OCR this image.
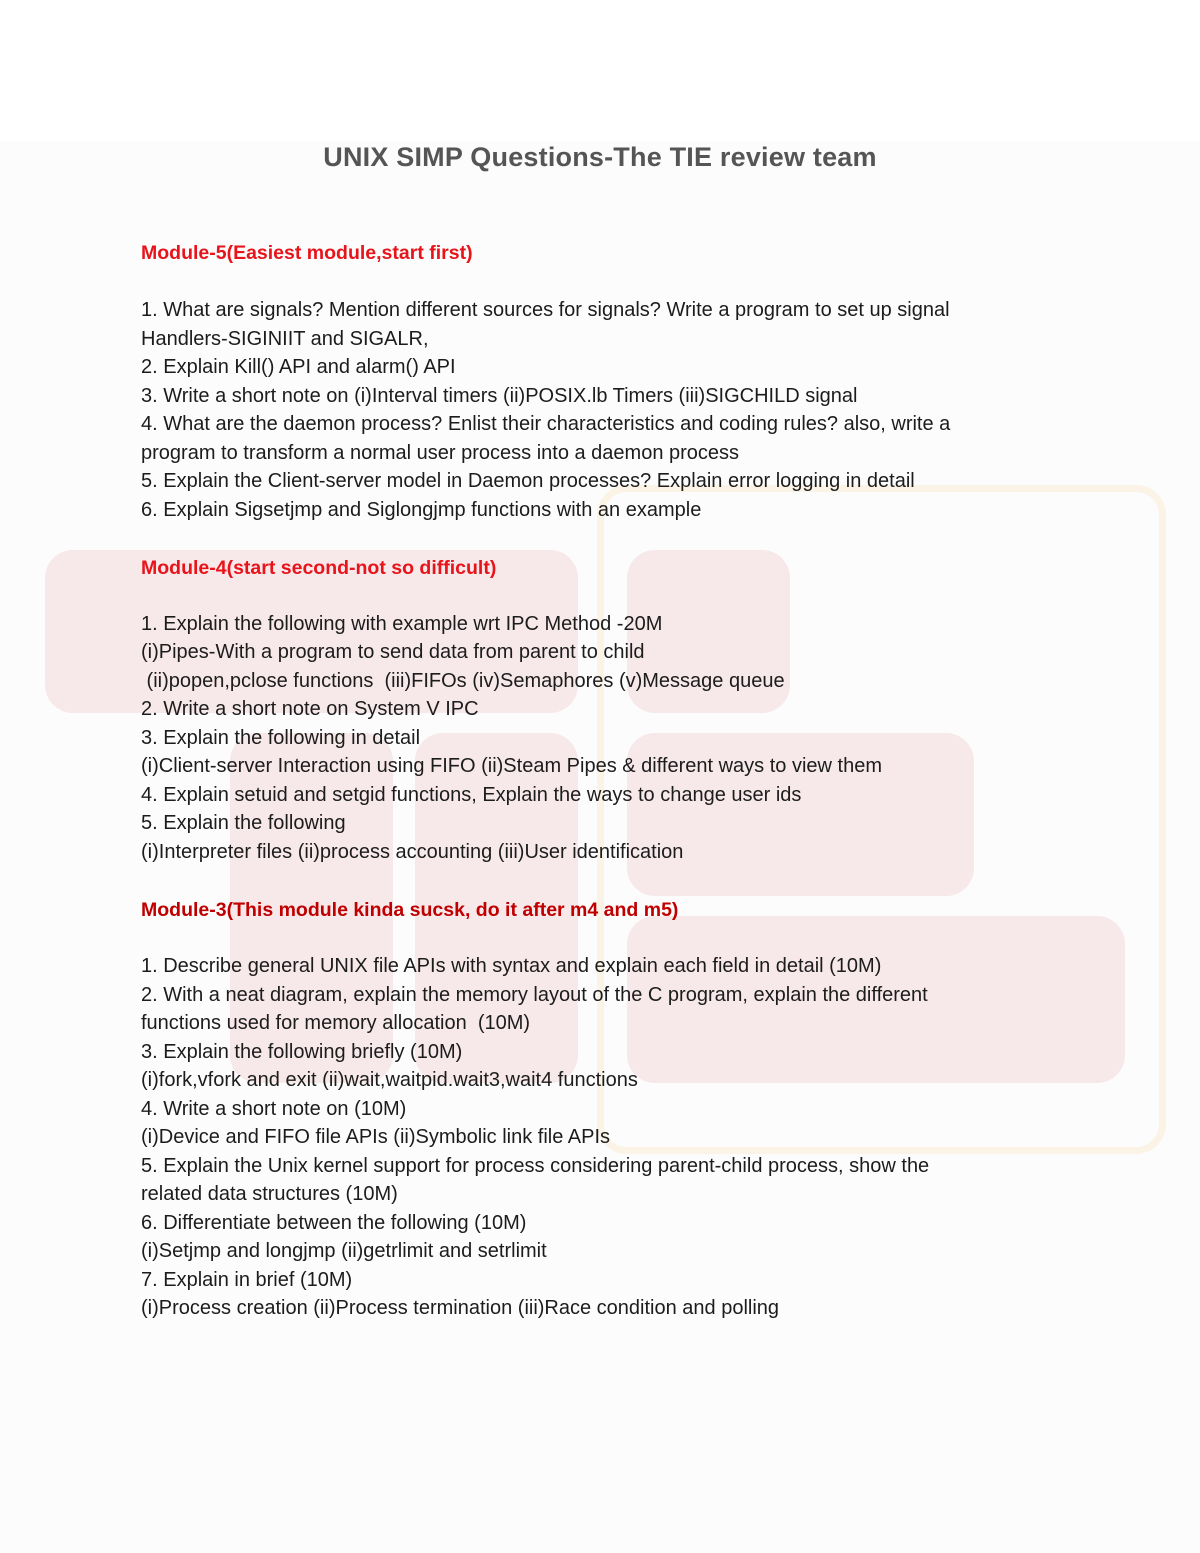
UNIX SIMP Questions-The TIE review team
Module-5(Easiest module,start first)
1. What are signals? Mention different sources for signals? Write a program to set up signal
Handlers-SIGINIIT and SIGALR,
2. Explain Kill() API and alarm() API
3. Write a short note on (i)Interval timers (ii)POSIX.lb Timers (iii)SIGCHILD signal
4. What are the daemon process? Enlist their characteristics and coding rules? also, write a
program to transform a normal user process into a daemon process
5. Explain the Client-server model in Daemon processes? Explain error logging in detail
6. Explain Sigsetjmp and Siglongjmp functions with an example
Module-4(start second-not so difficult)
1. Explain the following with example wrt IPC Method -20M
(i)Pipes-With a program to send data from parent to child
(ii)popen,pclose functions  (iii)FIFOs (iv)Semaphores (v)Message queue
2. Write a short note on System V IPC
3. Explain the following in detail
(i)Client-server Interaction using FIFO (ii)Steam Pipes & different ways to view them
4. Explain setuid and setgid functions, Explain the ways to change user ids
5. Explain the following
(i)Interpreter files (ii)process accounting (iii)User identification
Module-3(This module kinda sucsk, do it after m4 and m5)
1. Describe general UNIX file APIs with syntax and explain each field in detail (10M)
2. With a neat diagram, explain the memory layout of the C program, explain the different
functions used for memory allocation  (10M)
3. Explain the following briefly (10M)
(i)fork,vfork and exit (ii)wait,waitpid.wait3,wait4 functions
4. Write a short note on (10M)
(i)Device and FIFO file APIs (ii)Symbolic link file APIs
5. Explain the Unix kernel support for process considering parent-child process, show the
related data structures (10M)
6. Differentiate between the following (10M)
(i)Setjmp and longjmp (ii)getrlimit and setrlimit
7. Explain in brief (10M)
(i)Process creation (ii)Process termination (iii)Race condition and polling
